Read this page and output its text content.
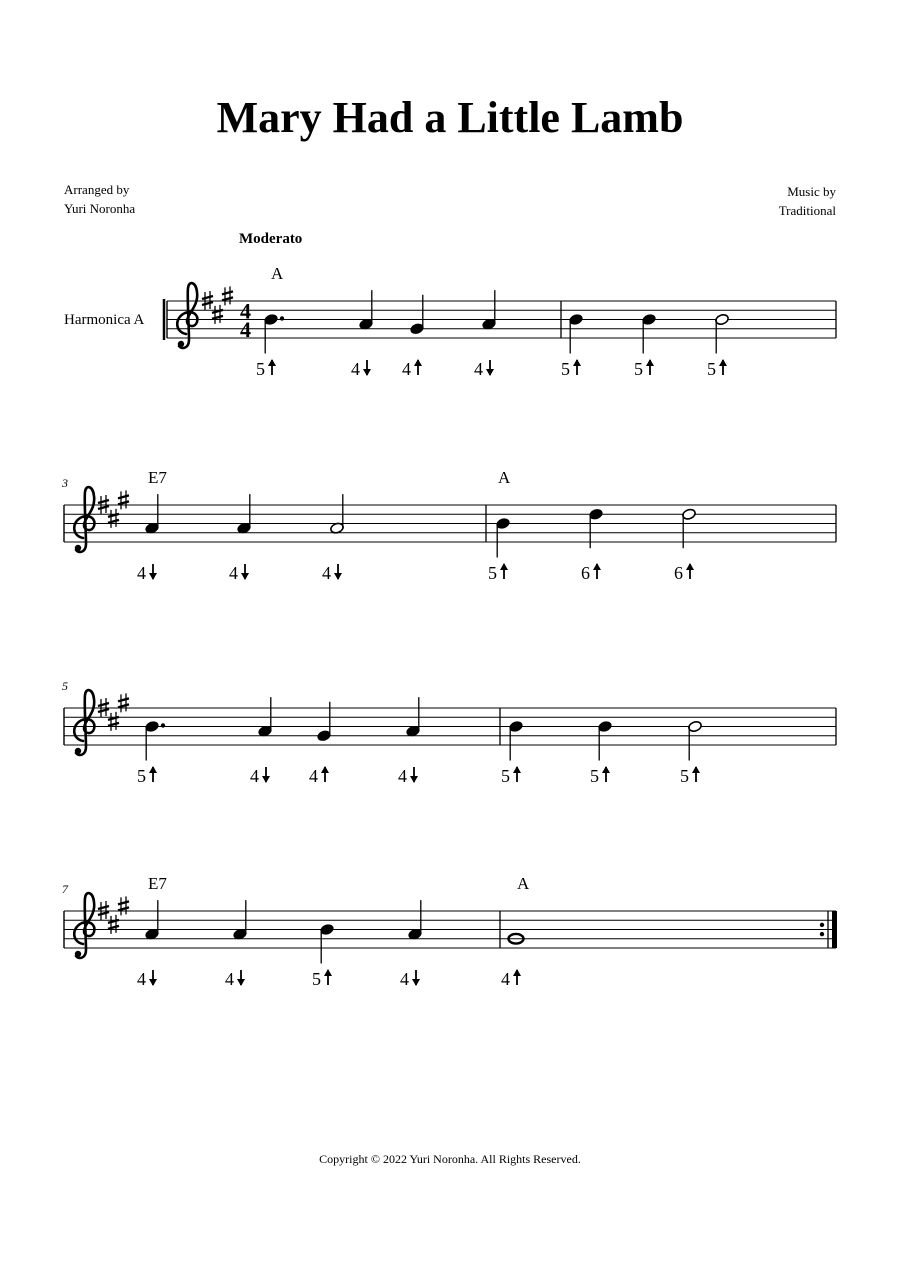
Mary Had a Little Lamb
Arranged by
Yuri Noronha
Music by
Traditional
Moderato
Harmonica A	4
4
A
5	4 4	4	5	5	5
3	E7
4	4	4
A
5	6	6
5
5	4	4	4	5	5	5
7	E7
4	4	5	4
A
4
Copyright © 2022 Yuri Noronha. All Rights Reserved.
